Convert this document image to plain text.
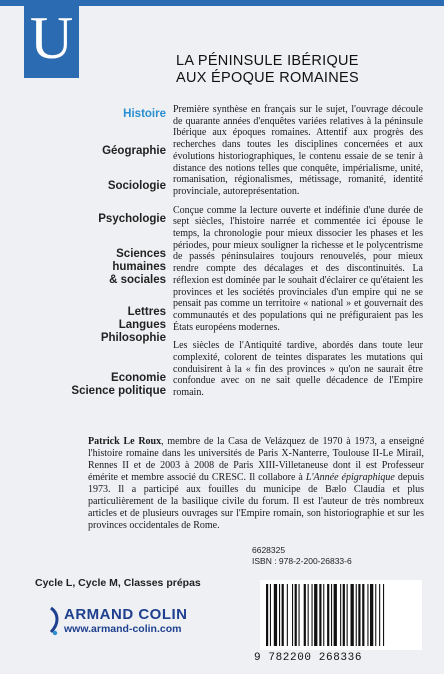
U	LA PÉNINSULE IBÉRIQUE
AUX ÉPOQUE ROMAINES
Histoire
Géographie
Sociologie
Psychologie
Sciences
humaines
& sociales
Lettres
Langues
Philosophie
Economie
Science politique

Première synthèse en français sur le sujet, l'ouvrage découle de quarante années d'enquêtes variées relatives à la péninsule Ibérique aux époques romaines. Attentif aux progrès des recherches dans toutes les disciplines concernées et aux évolutions historiographiques, le contenu essaie de se tenir à distance des notions telles que conquête, impérialisme, unité, romanisation, régionalismes, métissage, romanité, identité provinciale, autoreprésentation.

Conçue comme la lecture ouverte et indéfinie d'une durée de sept siècles, l'histoire narrée et commentée ici épouse le temps, la chronologie pour mieux dissocier les phases et les périodes, pour mieux souligner la richesse et le polycentrisme de passés péninsulaires toujours renouvelés, pour mieux rendre compte des décalages et des discontinuités. La réflexion est dominée par le souhait d'éclairer ce qu'étaient les provinces et les sociétés provinciales d'un empire qui ne se pensait pas comme un territoire « national » et gouvernait des communautés et des populations qui ne préfiguraient pas les États européens modernes.

Les siècles de l'Antiquité tardive, abordés dans toute leur complexité, colorent de teintes disparates les mutations qui conduisirent à la « fin des provinces » qu'on ne saurait être confondue avec on ne sait quelle décadence de l'Empire romain.

Patrick Le Roux, membre de la Casa de Velázquez de 1970 à 1973, a enseigné l'histoire romaine dans les universités de Paris X-Nanterre, Toulouse II-Le Mirail, Rennes II et de 2003 à 2008 de Paris XIII-Villetaneuse dont il est Professeur émérite et membre associé du CRESC. Il collabore à L'Année épigraphique depuis 1973. Il a participé aux fouilles du municipe de Bælo Claudia et plus particulièrement de la basilique civile du forum. Il est l'auteur de très nombreux articles et de plusieurs ouvrages sur l'Empire romain, son historiographie et sur les provinces occidentales de Rome.
6628325
ISBN : 978-2-200-26833-6
Cycle L, Cycle M, Classes prépas
ARMAND COLIN
www.armand-colin.com
9 782200 268336
